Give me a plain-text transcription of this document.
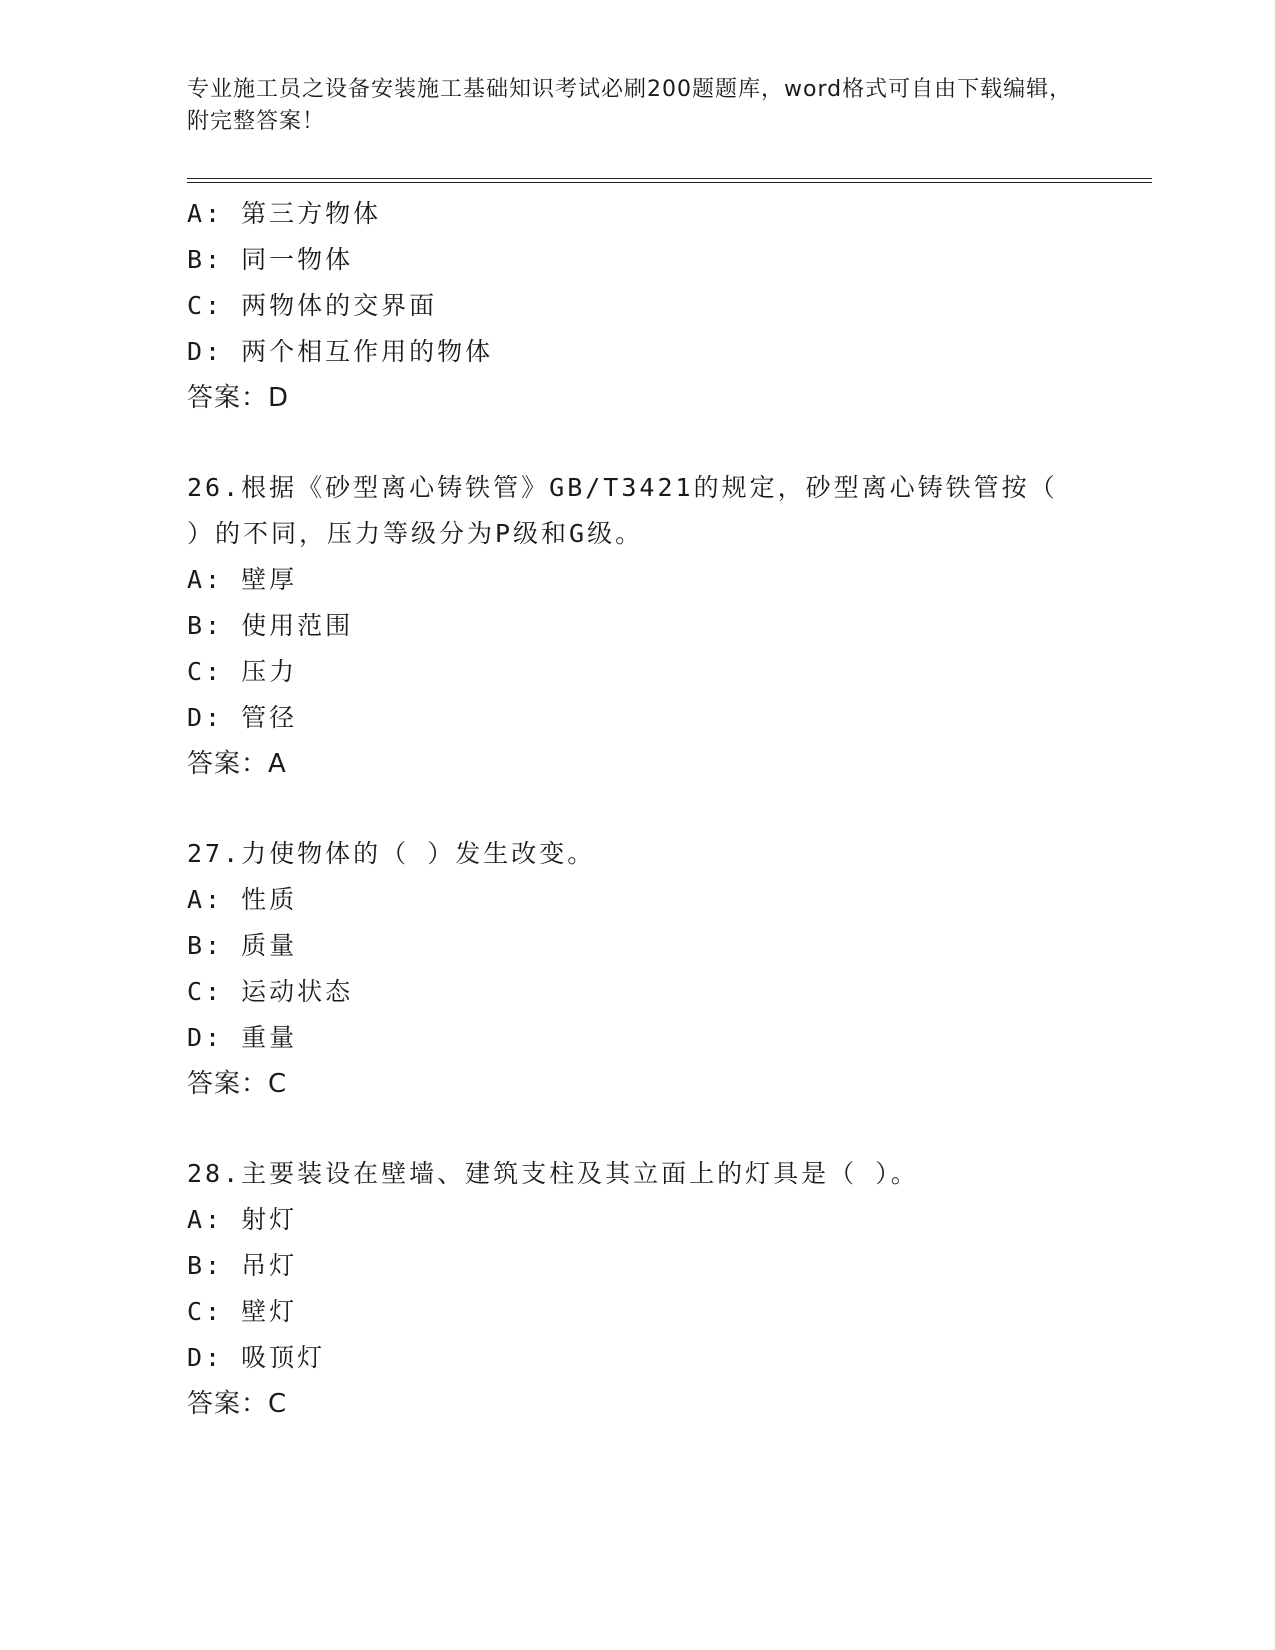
专业施工员之设备安装施工基础知识考试必刷200题题库，word格式可自由下载编辑，附完整答案！
A: 第三方物体
B: 同一物体
C: 两物体的交界面
D: 两个相互作用的物体
答案：D
26.根据《砂型离心铸铁管》GB/T3421的规定，砂型离心铸铁管按（ ）的不同，压力等级分为P级和G级。
A: 壁厚
B: 使用范围
C: 压力
D: 管径
答案：A
27.力使物体的（ ）发生改变。
A: 性质
B: 质量
C: 运动状态
D: 重量
答案：C
28.主要装设在壁墙、建筑支柱及其立面上的灯具是（ ）。
A: 射灯
B: 吊灯
C: 壁灯
D: 吸顶灯
答案：C
